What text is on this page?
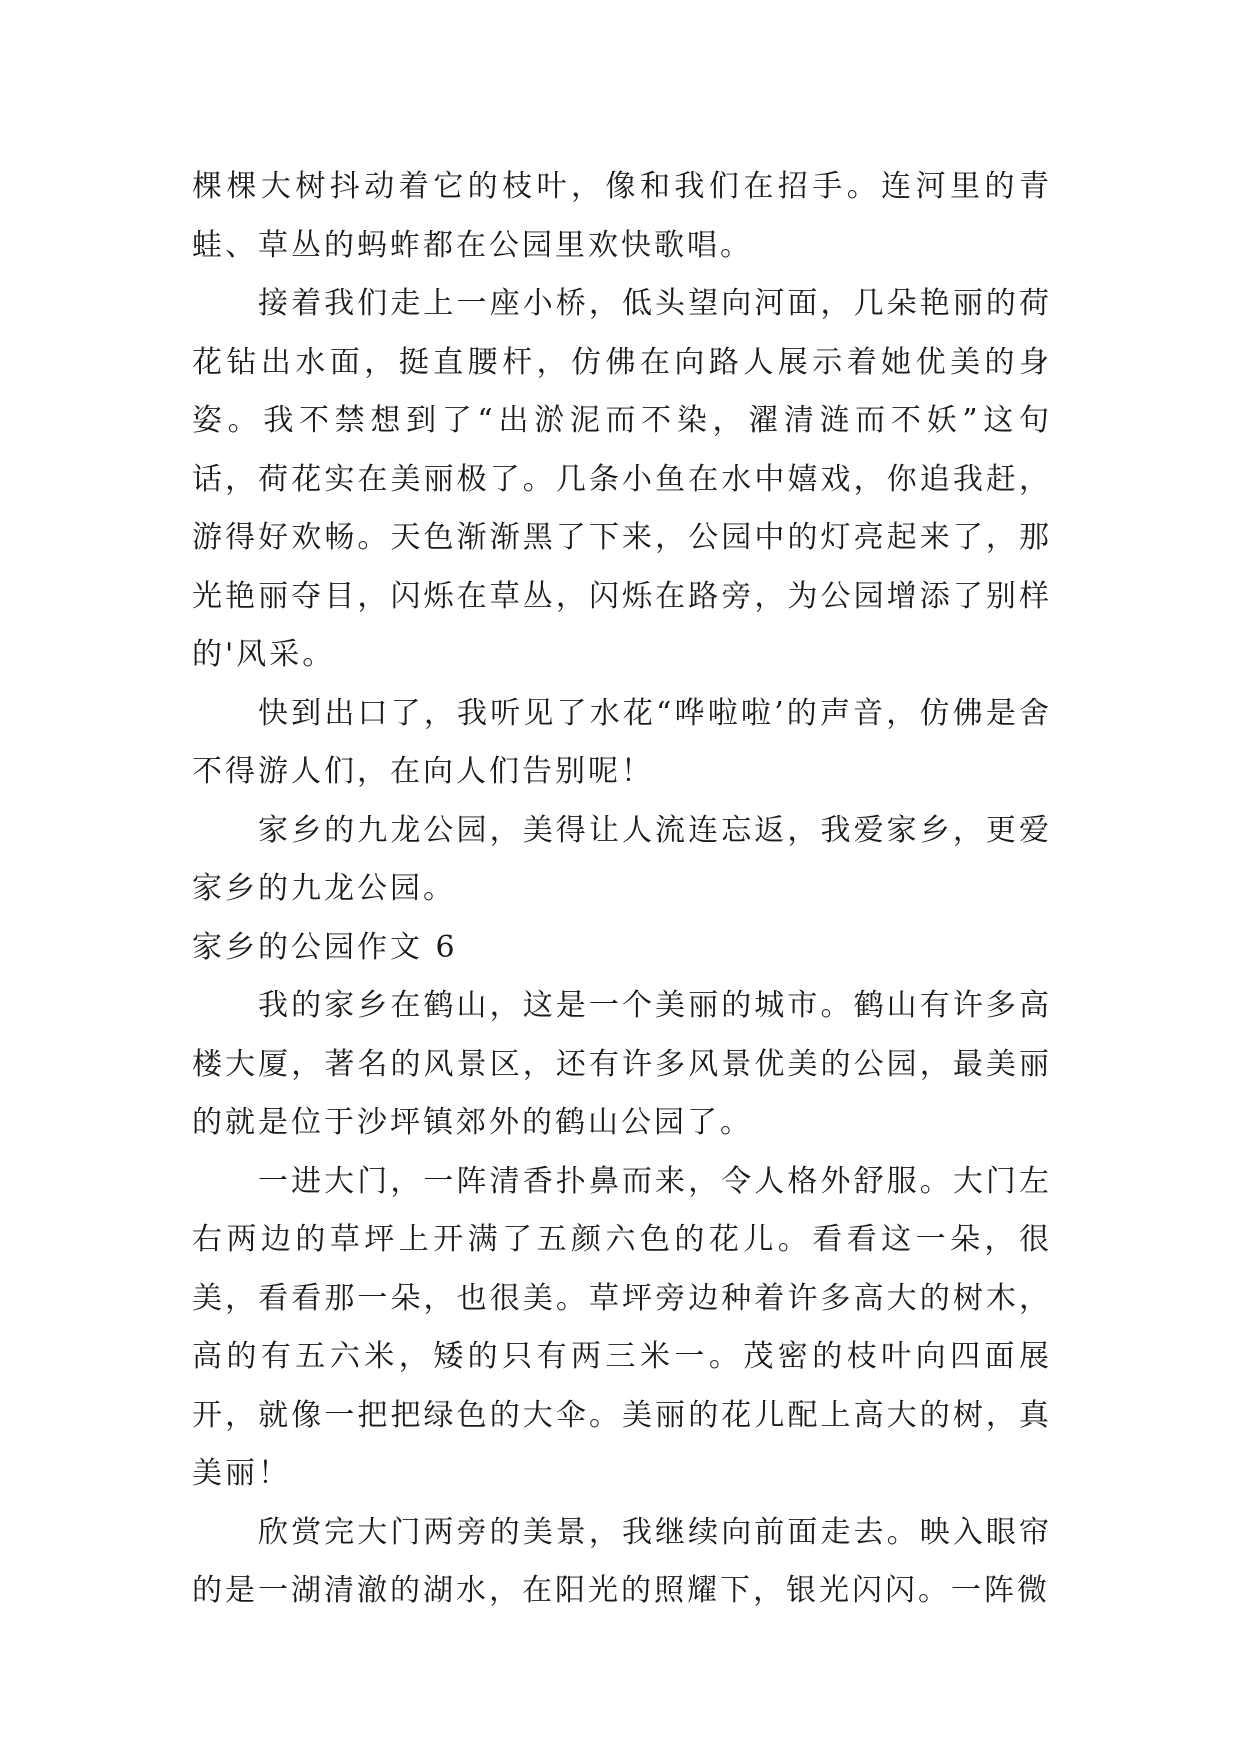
棵棵大树抖动着它的枝叶，像和我们在招手。连河里的青蛙、草丛的蚂蚱都在公园里欢快歌唱。

接着我们走上一座小桥，低头望向河面，几朵艳丽的荷花钻出水面，挺直腰杆，仿佛在向路人展示着她优美的身姿。我不禁想到了“出淤泥而不染，濯清涟而不妖”这句话，荷花实在美丽极了。几条小鱼在水中嬉戏，你追我赶，游得好欢畅。天色渐渐黑了下来，公园中的灯亮起来了，那光艳丽夺目，闪烁在草丛，闪烁在路旁，为公园增添了别样的'风采。

快到出口了，我听见了水花“哗啦啦’的声音，仿佛是舍不得游人们，在向人们告别呢！

家乡的九龙公园，美得让人流连忘返，我爱家乡，更爱家乡的九龙公园。

家乡的公园作文 6

我的家乡在鹤山，这是一个美丽的城市。鹤山有许多高楼大厦，著名的风景区，还有许多风景优美的公园，最美丽的就是位于沙坪镇郊外的鹤山公园了。

一进大门，一阵清香扑鼻而来，令人格外舒服。大门左右两边的草坪上开满了五颜六色的花儿。看看这一朵，很美，看看那一朵，也很美。草坪旁边种着许多高大的树木，高的有五六米，矮的只有两三米一。茂密的枝叶向四面展开，就像一把把绿色的大伞。美丽的花儿配上高大的树，真美丽！

欣赏完大门两旁的美景，我继续向前面走去。映入眼帘的是一湖清澈的湖水，在阳光的照耀下，银光闪闪。一阵微
